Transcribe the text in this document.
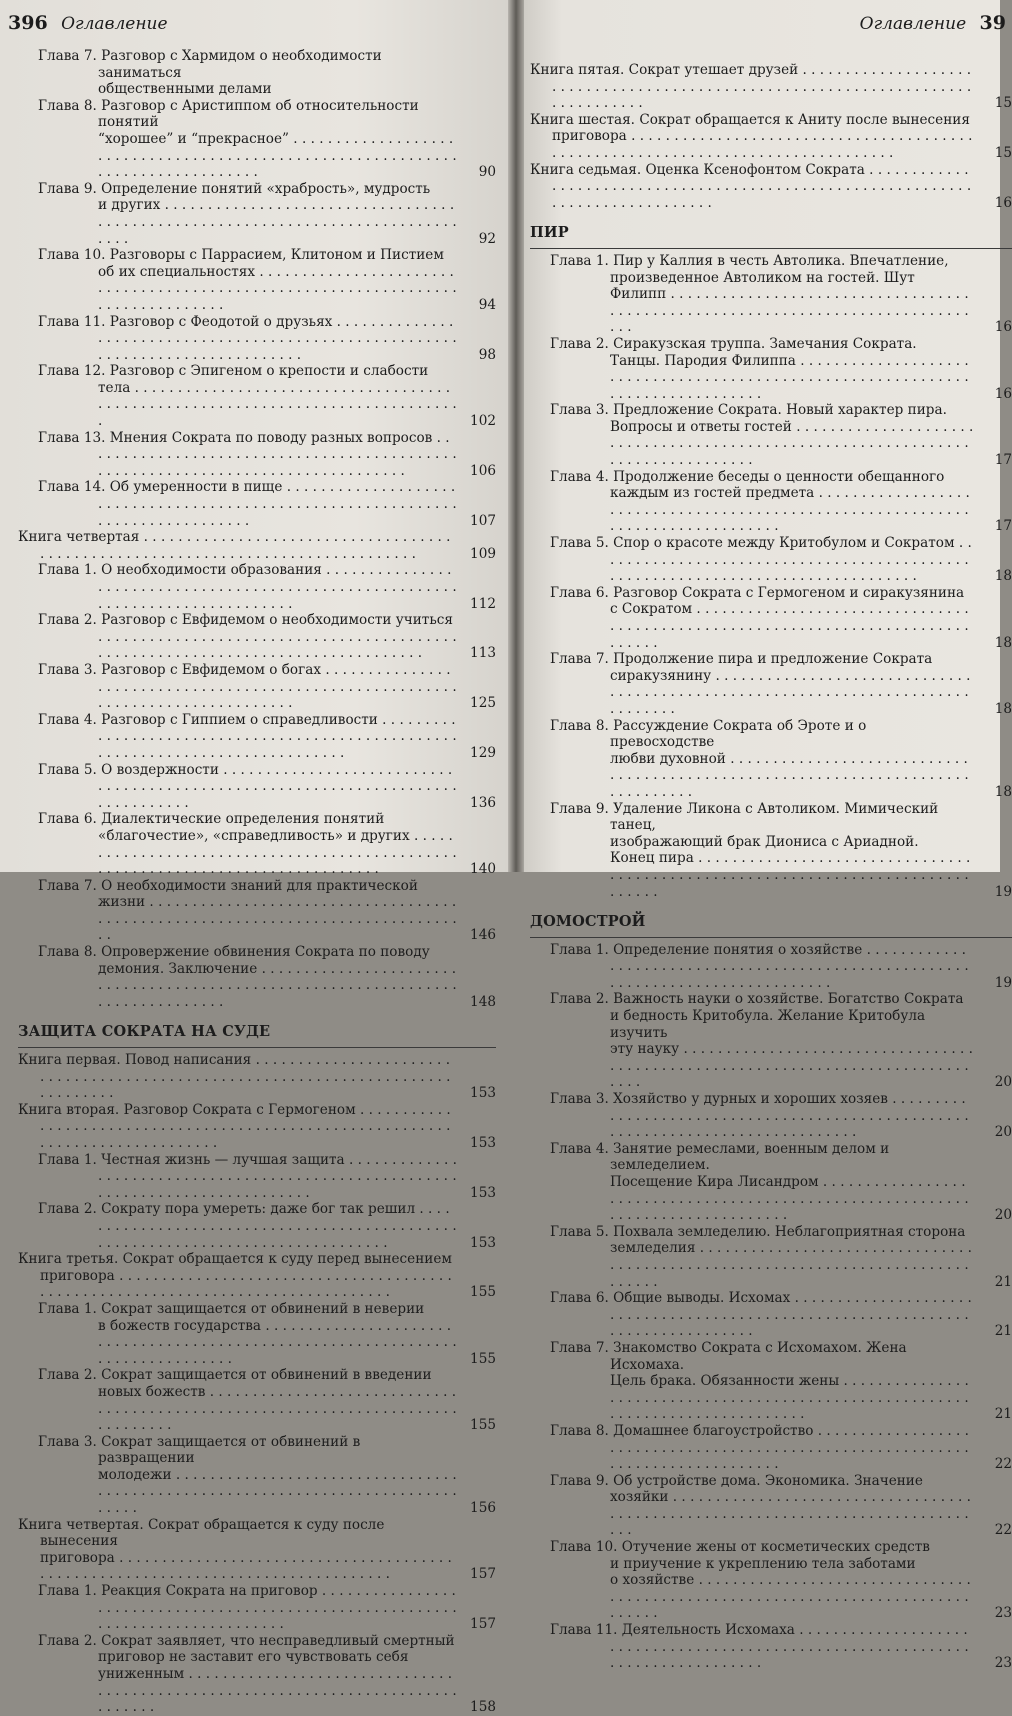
396 Оглавление
Глава 7. Разговор с Хармидом о необходимости заниматься
общественными делами
Глава 8. Разговор с Аристиппом об относительности понятий
“хорошее” и “прекрасное” . . .
90
Глава 9. Определение понятий «храбрость», мудрость
и других . . .
92
Глава 10. Разговоры с Паррасием, Клитоном и Пистием
об их специальностях . . .
94
Глава 11. Разговор с Феодотой о друзьях . . .
98
Глава 12. Разговор с Эпигеном о крепости и слабости тела . . .
102
Глава 13. Мнения Сократа по поводу разных вопросов . . .
106
Глава 14. Об умеренности в пище . . .
107
Книга четвертая . . .
109
Глава 1. О необходимости образования . . .
112
Глава 2. Разговор с Евфидемом о необходимости учиться . . .
113
Глава 3. Разговор с Евфидемом о богах . . .
125
Глава 4. Разговор с Гиппием о справедливости . . .
129
Глава 5. О воздержности . . .
136
Глава 6. Диалектические определения понятий
«благочестие», «справедливость» и других . . .
140
Глава 7. О необходимости знаний для практической жизни . . .
146
Глава 8. Опровержение обвинения Сократа по поводу
демония. Заключение . . .
148
ЗАЩИТА СОКРАТА НА СУДЕ
Книга первая. Повод написания . . .
153
Книга вторая. Разговор Сократа с Гермогеном . . .
153
Глава 1. Честная жизнь — лучшая защита . . .
153
Глава 2. Сократу пора умереть: даже бог так решил . . .
153
Книга третья. Сократ обращается к суду перед вынесением
приговора . . .
155
Глава 1. Сократ защищается от обвинений в неверии
в божеств государства . . .
155
Глава 2. Сократ защищается от обвинений в введении
новых божеств . . .
155
Глава 3. Сократ защищается от обвинений в развращении
молодежи . . .
156
Книга четвертая. Сократ обращается к суду после вынесения
приговора . . .
157
Глава 1. Реакция Сократа на приговор . . .
157
Глава 2. Сократ заявляет, что несправедливый смертный
приговор не заставит его чувствовать себя
униженным . . .
158
Оглавление 39
Книга пятая. Сократ утешает друзей . . .
15
Книга шестая. Сократ обращается к Аниту после вынесения
приговора . . .
15
Книга седьмая. Оценка Ксенофонтом Сократа . . .
16
ПИР
Глава 1. Пир у Каллия в честь Автолика. Впечатление,
произведенное Автоликом на гостей. Шут Филипп . . .
16
Глава 2. Сиракузская труппа. Замечания Сократа.
Танцы. Пародия Филиппа . . .
16
Глава 3. Предложение Сократа. Новый характер пира.
Вопросы и ответы гостей . . .
17
Глава 4. Продолжение беседы о ценности обещанного
каждым из гостей предмета . . .
17
Глава 5. Спор о красоте между Критобулом и Сократом . . .
18
Глава 6. Разговор Сократа с Гермогеном и сиракузянина
с Сократом . . .
18
Глава 7. Продолжение пира и предложение Сократа
сиракузянину . . .
18
Глава 8. Рассуждение Сократа об Эроте и о превосходстве
любви духовной . . .
18
Глава 9. Удаление Ликона с Автоликом. Мимический танец,
изображающий брак Диониса с Ариадной.
Конец пира . . .
19
ДОМОСТРОЙ
Глава 1. Определение понятия о хозяйстве . . .
19
Глава 2. Важность науки о хозяйстве. Богатство Сократа
и бедность Критобула. Желание Критобула изучить
эту науку . . .
20
Глава 3. Хозяйство у дурных и хороших хозяев . . .
20
Глава 4. Занятие ремеслами, военным делом и земледелием.
Посещение Кира Лисандром . . .
20
Глава 5. Похвала земледелию. Неблагоприятная сторона
земледелия . . .
21
Глава 6. Общие выводы. Исхомах . . .
21
Глава 7. Знакомство Сократа с Исхомахом. Жена Исхомаха.
Цель брака. Обязанности жены . . .
21
Глава 8. Домашнее благоустройство . . .
22
Глава 9. Об устройстве дома. Экономика. Значение хозяйки . . .
22
Глава 10. Отучение жены от косметических средств
и приучение к укреплению тела заботами
о хозяйстве . . .
23
Глава 11. Деятельность Исхомаха . . .
23
